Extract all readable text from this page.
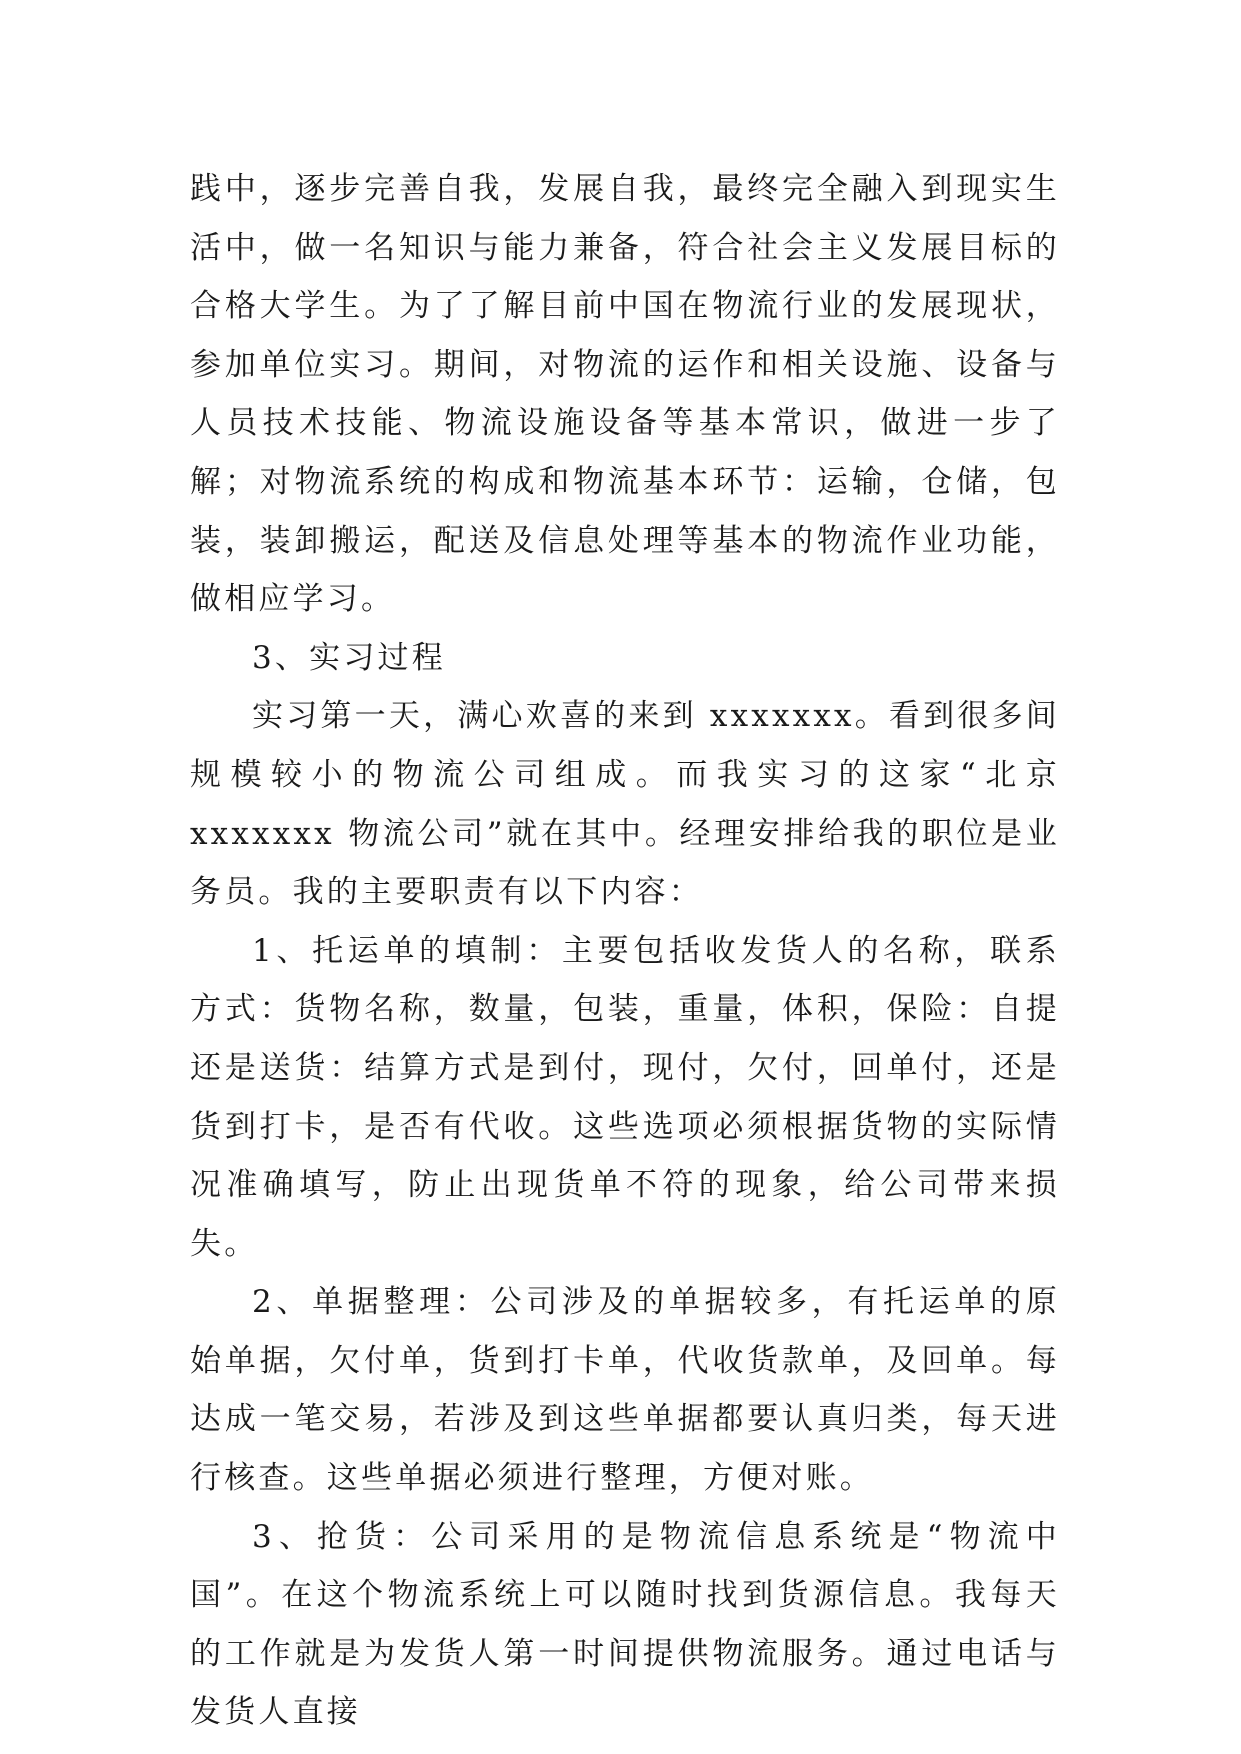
践中，逐步完善自我，发展自我，最终完全融入到现实生活中，做一名知识与能力兼备，符合社会主义发展目标的合格大学生。为了了解目前中国在物流行业的发展现状，参加单位实习。期间，对物流的运作和相关设施、设备与人员技术技能、物流设施设备等基本常识，做进一步了解；对物流系统的构成和物流基本环节：运输，仓储，包装，装卸搬运，配送及信息处理等基本的物流作业功能，做相应学习。

3、实习过程

实习第一天，满心欢喜的来到 xxxxxxx。看到很多间规模较小的物流公司组成。而我实习的这家“北京 xxxxxxx 物流公司”就在其中。经理安排给我的职位是业务员。我的主要职责有以下内容：

1、托运单的填制：主要包括收发货人的名称，联系方式：货物名称，数量，包装，重量，体积，保险：自提还是送货：结算方式是到付，现付，欠付，回单付，还是货到打卡，是否有代收。这些选项必须根据货物的实际情况准确填写，防止出现货单不符的现象，给公司带来损失。

2、单据整理：公司涉及的单据较多，有托运单的原始单据，欠付单，货到打卡单，代收货款单，及回单。每达成一笔交易，若涉及到这些单据都要认真归类，每天进行核查。这些单据必须进行整理，方便对账。

3、抢货：公司采用的是物流信息系统是“物流中国”。在这个物流系统上可以随时找到货源信息。我每天的工作就是为发货人第一时间提供物流服务。通过电话与发货人直接
